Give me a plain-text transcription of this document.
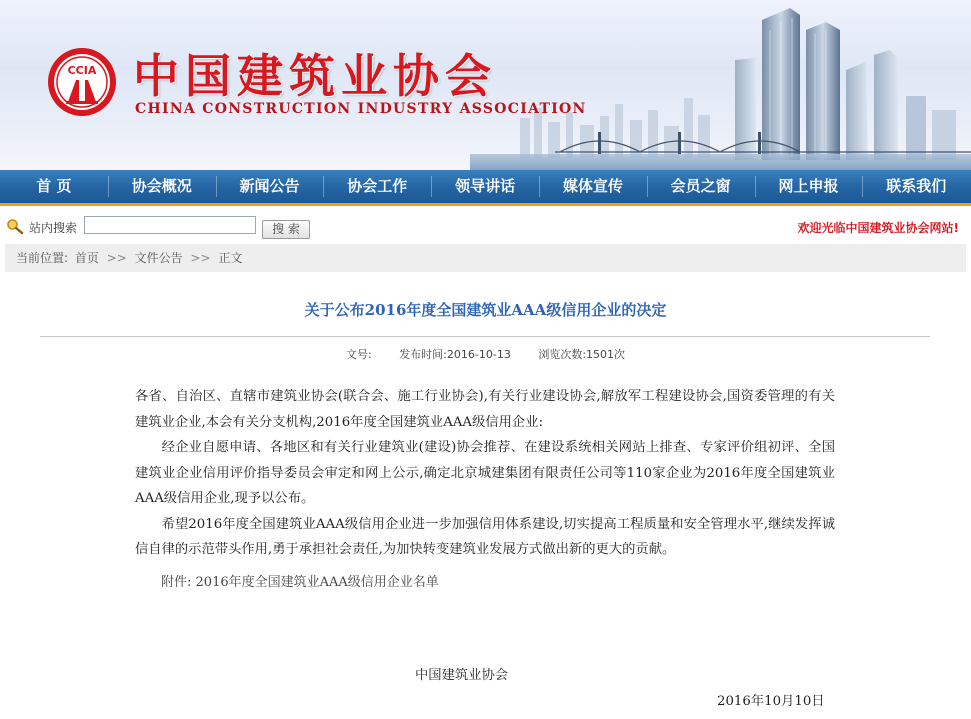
CCIA 中国建筑业协会
CHINA CONSTRUCTION INDUSTRY ASSOCIATION
首 页	协会概况	新闻公告	协会工作	领导讲话	媒体宣传	会员之窗	网上申报	联系我们
站内搜索	搜 索	欢迎光临中国建筑业协会网站!
当前位置: 首页 >> 文件公告 >> 正文
关于公布2016年度全国建筑业AAA级信用企业的决定
文号:	发布时间:2016-10-13	浏览次数:1501次

各省、自治区、直辖市建筑业协会(联合会、施工行业协会),有关行业建设协会,解放军工程建设协会,国资委管理的有关建筑业企业,本会有关分支机构,2016年度全国建筑业AAA级信用企业:

经企业自愿申请、各地区和有关行业建筑业(建设)协会推荐、在建设系统相关网站上排查、专家评价组初评、全国建筑业企业信用评价指导委员会审定和网上公示,确定北京城建集团有限责任公司等110家企业为2016年度全国建筑业AAA级信用企业,现予以公布。

希望2016年度全国建筑业AAA级信用企业进一步加强信用体系建设,切实提高工程质量和安全管理水平,继续发挥诚信自律的示范带头作用,勇于承担社会责任,为加快转变建筑业发展方式做出新的更大的贡献。

附件: 2016年度全国建筑业AAA级信用企业名单
中国建筑业协会
2016年10月10日
